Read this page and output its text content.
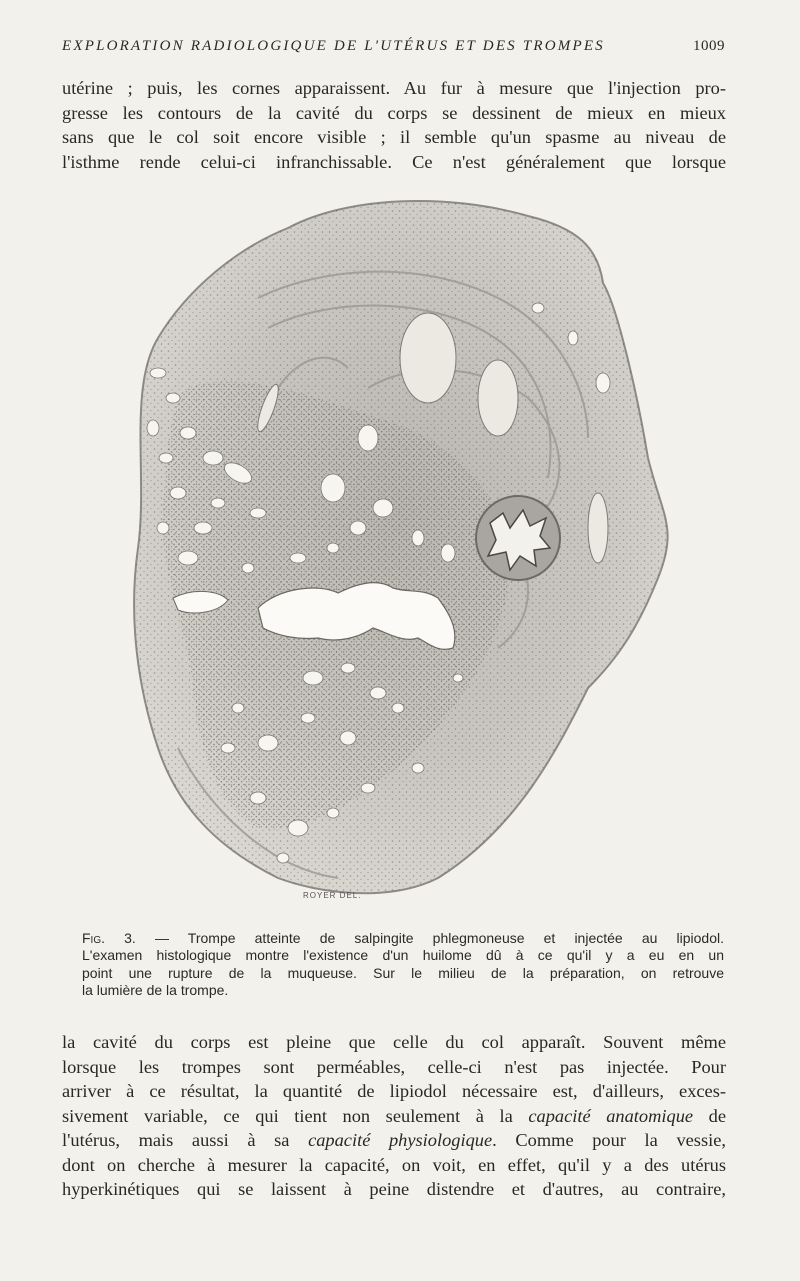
EXPLORATION RADIOLOGIQUE DE L'UTÉRUS ET DES TROMPES	1009
utérine ; puis, les cornes apparaissent. Au fur à mesure que l'injection pro-
gresse les contours de la cavité du corps se dessinent de mieux en mieux
sans que le col soit encore visible ; il semble qu'un spasme au niveau de
l'isthme rende celui-ci infranchissable. Ce n'est généralement que lorsque
ROYER DEL.
Fig. 3. — Trompe atteinte de salpingite phlegmoneuse et injectée au lipiodol.
L'examen histologique montre l'existence d'un huilome dû à ce qu'il y a eu en un
point une rupture de la muqueuse. Sur le milieu de la préparation, on retrouve
la lumière de la trompe.
la cavité du corps est pleine que celle du col apparaît. Souvent même
lorsque les trompes sont perméables, celle-ci n'est pas injectée. Pour
arriver à ce résultat, la quantité de lipiodol nécessaire est, d'ailleurs, exces-
sivement variable, ce qui tient non seulement à la capacité anatomique de
l'utérus, mais aussi à sa capacité physiologique. Comme pour la vessie,
dont on cherche à mesurer la capacité, on voit, en effet, qu'il y a des utérus
hyperkinétiques qui se laissent à peine distendre et d'autres, au contraire,
